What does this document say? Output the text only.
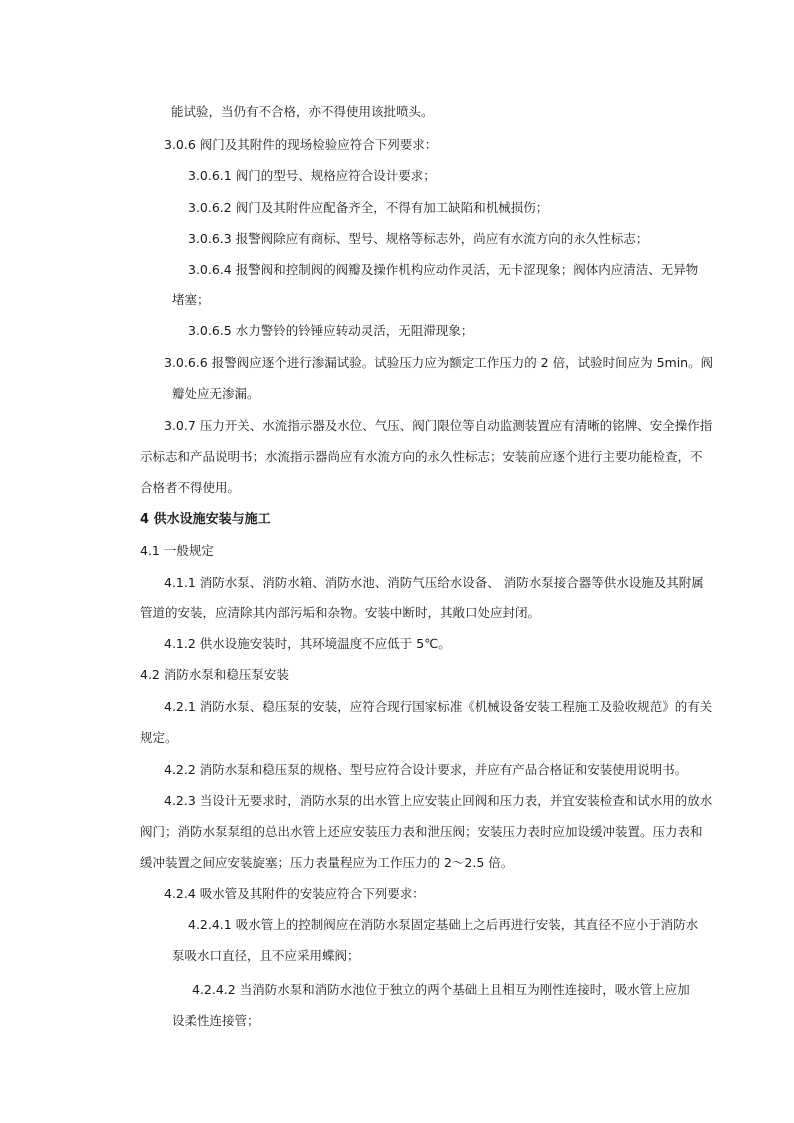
能试验，当仍有不合格，亦不得使用该批喷头。
3.0.6 阀门及其附件的现场检验应符合下列要求：
3.0.6.1 阀门的型号、规格应符合设计要求；
3.0.6.2 阀门及其附件应配备齐全，不得有加工缺陷和机械损伤；
3.0.6.3 报警阀除应有商标、型号、规格等标志外，尚应有水流方向的永久性标志；
3.0.6.4 报警阀和控制阀的阀瓣及操作机构应动作灵活，无卡涩现象；阀体内应清洁、无异物
堵塞；
3.0.6.5 水力警铃的铃锤应转动灵活，无阻滞现象；
3.0.6.6 报警阀应逐个进行渗漏试验。试验压力应为额定工作压力的 2 倍，试验时间应为 5min。阀
瓣处应无渗漏。
3.0.7 压力开关、水流指示器及水位、气压、阀门限位等自动监测装置应有清晰的铭牌、安全操作指
示标志和产品说明书；水流指示器尚应有水流方向的永久性标志；安装前应逐个进行主要功能检查，不
合格者不得使用。
4 供水设施安装与施工
4.1 一般规定
4.1.1 消防水泵、消防水箱、消防水池、消防气压给水设备、 消防水泵接合器等供水设施及其附属
管道的安装，应清除其内部污垢和杂物。安装中断时，其敞口处应封闭。
4.1.2 供水设施安装时，其环境温度不应低于 5℃。
4.2 消防水泵和稳压泵安装
4.2.1 消防水泵、稳压泵的安装，应符合现行国家标准《机械设备安装工程施工及验收规范》的有关
规定。
4.2.2 消防水泵和稳压泵的规格、型号应符合设计要求，并应有产品合格证和安装使用说明书。
4.2.3 当设计无要求时，消防水泵的出水管上应安装止回阀和压力表，并宜安装检查和试水用的放水
阀门；消防水泵泵组的总出水管上还应安装压力表和泄压阀；安装压力表时应加设缓冲装置。压力表和
缓冲装置之间应安装旋塞；压力表量程应为工作压力的 2～2.5 倍。
4.2.4 吸水管及其附件的安装应符合下列要求：
4.2.4.1 吸水管上的控制阀应在消防水泵固定基础上之后再进行安装，其直径不应小于消防水
泵吸水口直径，且不应采用蝶阀；
4.2.4.2 当消防水泵和消防水池位于独立的两个基础上且相互为刚性连接时，吸水管上应加
设柔性连接管；
